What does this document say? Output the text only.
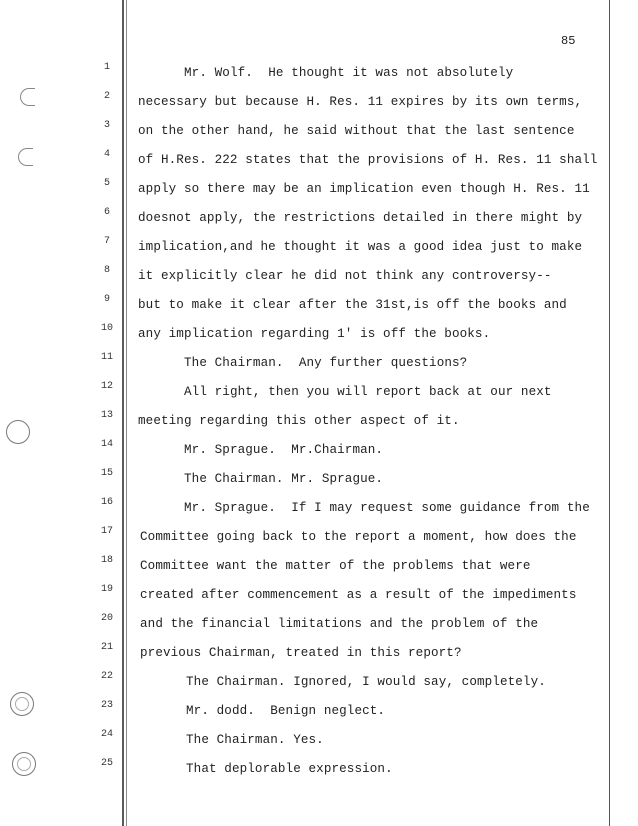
85
1
2
3
4
5
6
7
8
9
10
11
12
13
14
15
16
17
18
19
20
21
22
23
24
25
Mr. Wolf.  He thought it was not absolutely
necessary but because H. Res. 11 expires by its own terms,
on the other hand, he said without that the last sentence
of H.Res. 222 states that the provisions of H. Res. 11 shall
apply so there may be an implication even though H. Res. 11
doesnot apply, the restrictions detailed in there might by
implication,and he thought it was a good idea just to make
it explicitly clear he did not think any controversy--
but to make it clear after the 31st,is off the books and
any implication regarding 1' is off the books.
The Chairman.  Any further questions?
All right, then you will report back at our next
meeting regarding this other aspect of it.
Mr. Sprague.  Mr.Chairman.
The Chairman. Mr. Sprague.
Mr. Sprague.  If I may request some guidance from the
Committee going back to the report a moment, how does the
Committee want the matter of the problems that were
created after commencement as a result of the impediments
and the financial limitations and the problem of the
previous Chairman, treated in this report?
The Chairman. Ignored, I would say, completely.
Mr. dodd.  Benign neglect.
The Chairman. Yes.
That deplorable expression.
